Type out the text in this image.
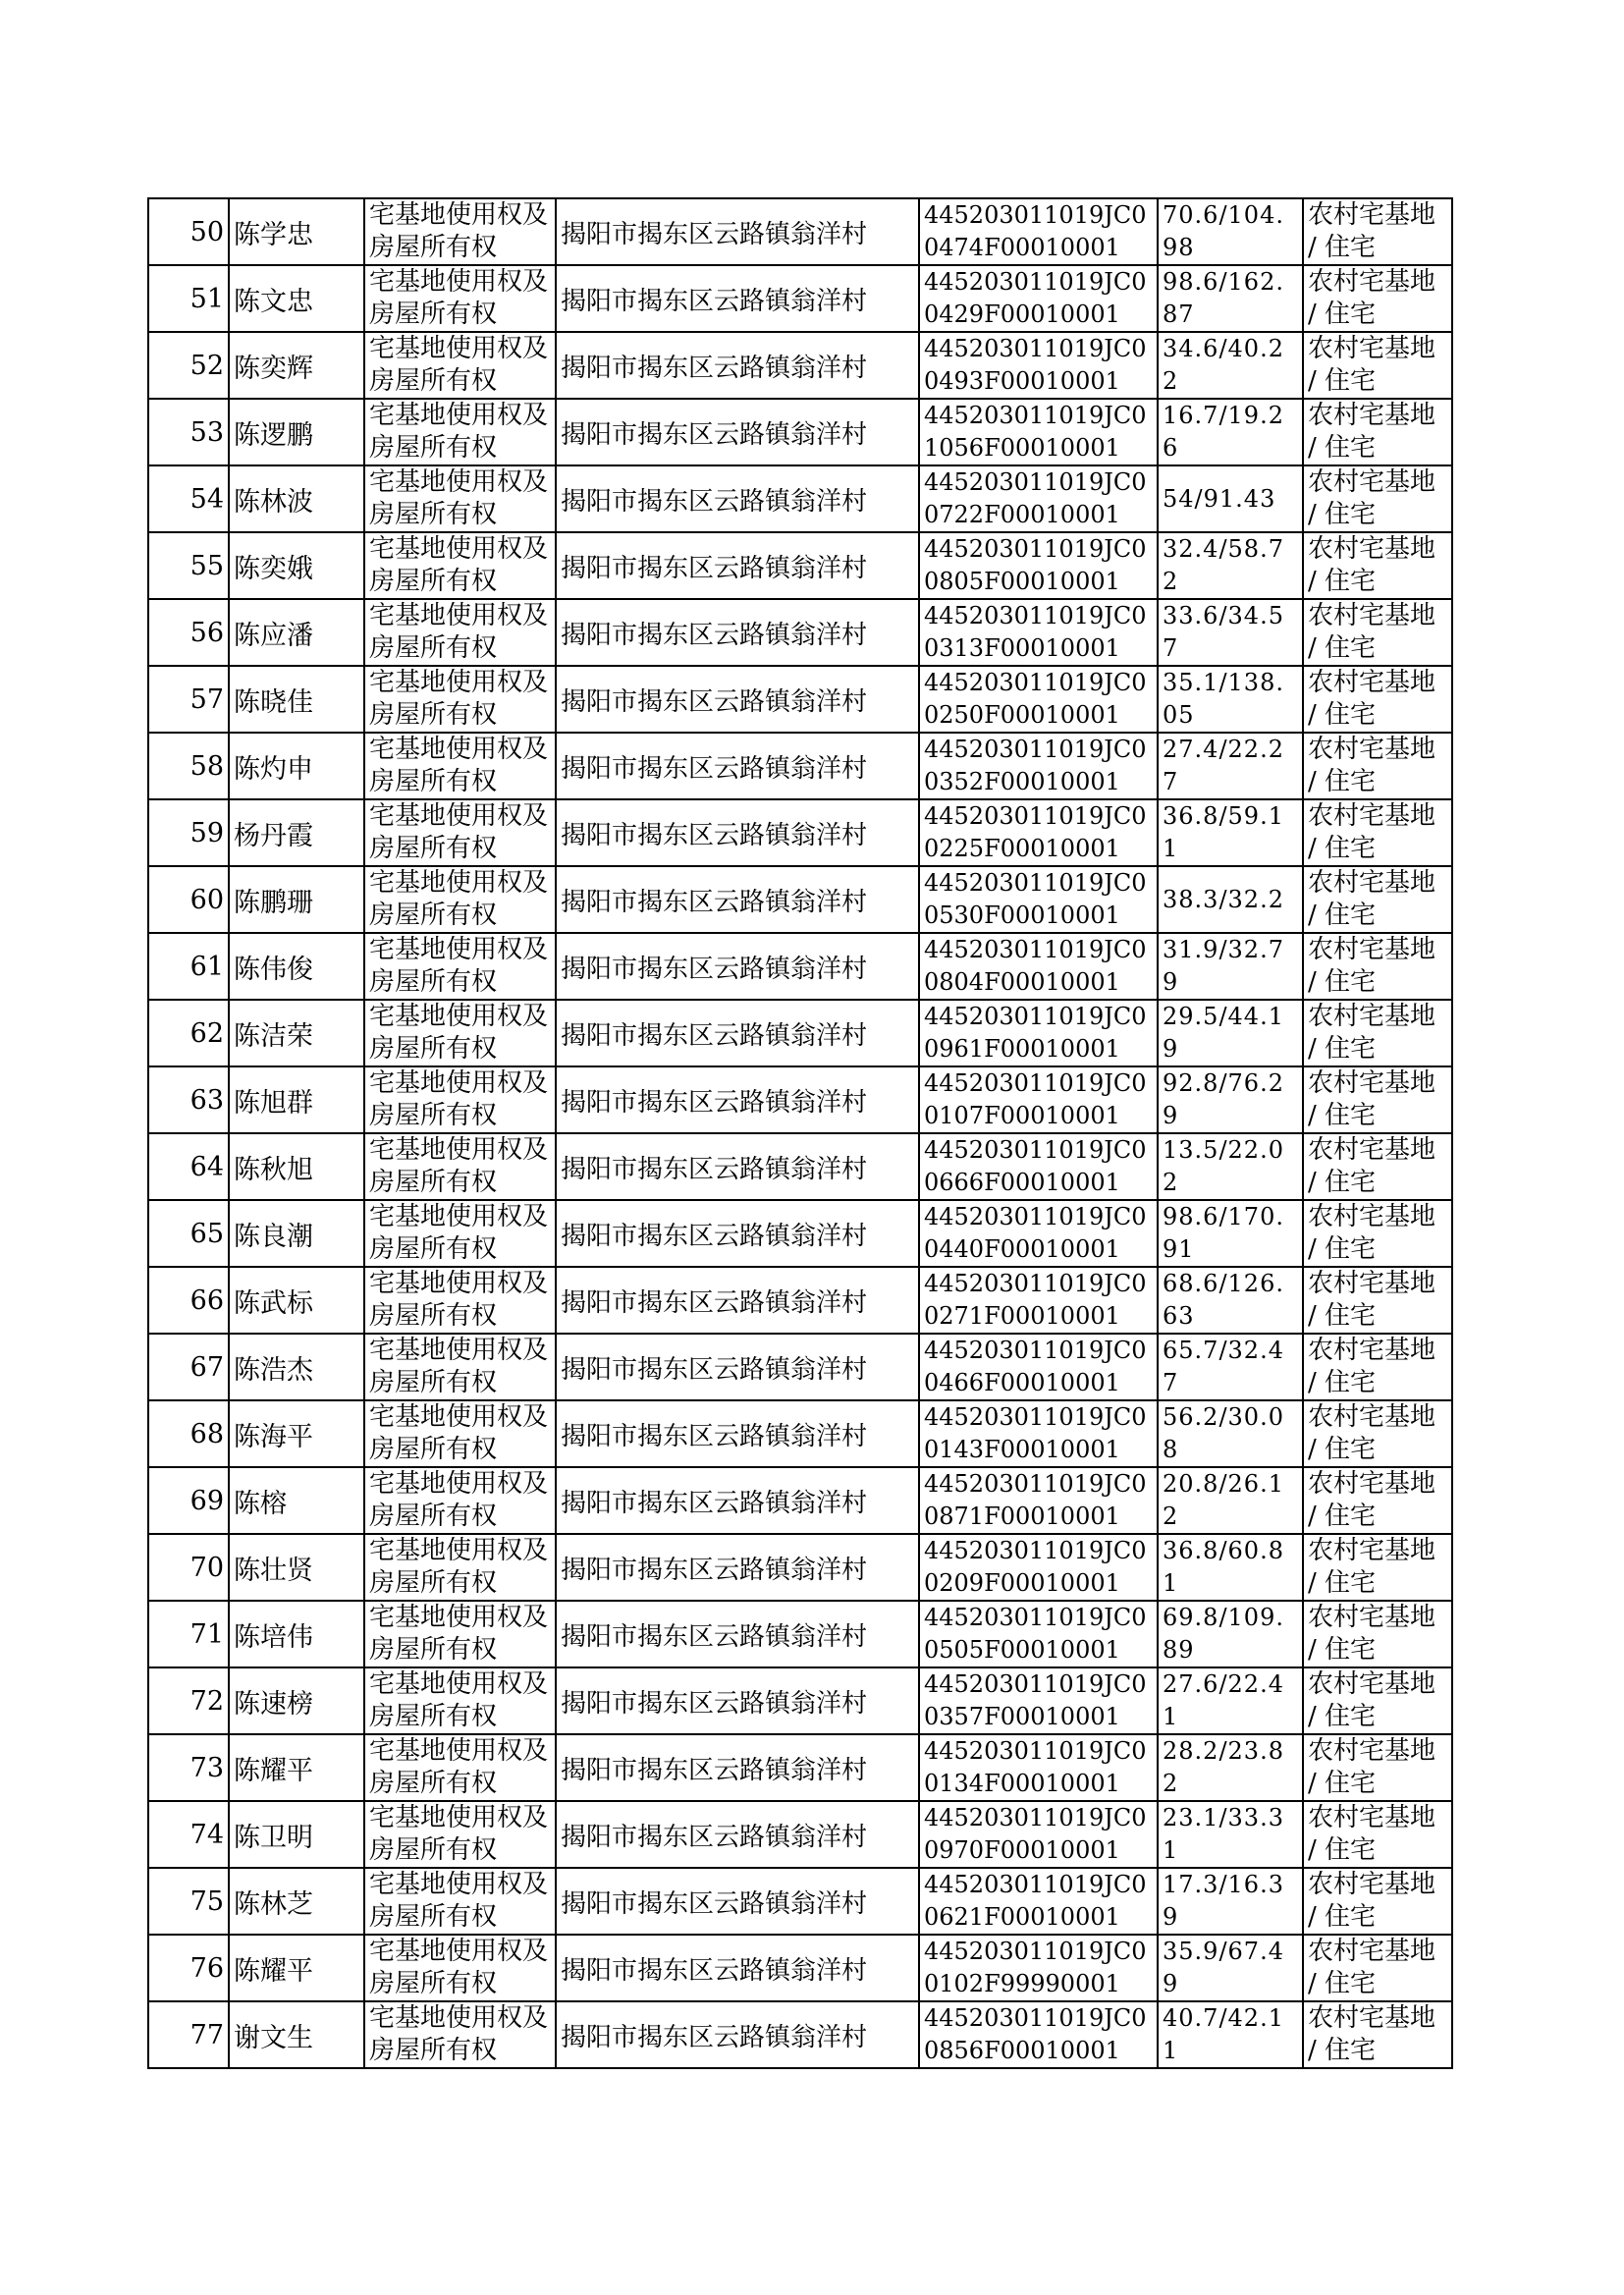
50	陈学忠	宅基地使用权及房屋所有权	揭阳市揭东区云路镇翁洋村	445203011019JC00474F00010001	70.6/104.98	农村宅基地 / 住宅
51	陈文忠	宅基地使用权及房屋所有权	揭阳市揭东区云路镇翁洋村	445203011019JC00429F00010001	98.6/162.87	农村宅基地 / 住宅
52	陈奕辉	宅基地使用权及房屋所有权	揭阳市揭东区云路镇翁洋村	445203011019JC00493F00010001	34.6/40.22	农村宅基地 / 住宅
53	陈逻鹏	宅基地使用权及房屋所有权	揭阳市揭东区云路镇翁洋村	445203011019JC01056F00010001	16.7/19.26	农村宅基地 / 住宅
54	陈林波	宅基地使用权及房屋所有权	揭阳市揭东区云路镇翁洋村	445203011019JC00722F00010001	54/91.43	农村宅基地 / 住宅
55	陈奕娥	宅基地使用权及房屋所有权	揭阳市揭东区云路镇翁洋村	445203011019JC00805F00010001	32.4/58.72	农村宅基地 / 住宅
56	陈应潘	宅基地使用权及房屋所有权	揭阳市揭东区云路镇翁洋村	445203011019JC00313F00010001	33.6/34.57	农村宅基地 / 住宅
57	陈晓佳	宅基地使用权及房屋所有权	揭阳市揭东区云路镇翁洋村	445203011019JC00250F00010001	35.1/138.05	农村宅基地 / 住宅
58	陈灼申	宅基地使用权及房屋所有权	揭阳市揭东区云路镇翁洋村	445203011019JC00352F00010001	27.4/22.27	农村宅基地 / 住宅
59	杨丹霞	宅基地使用权及房屋所有权	揭阳市揭东区云路镇翁洋村	445203011019JC00225F00010001	36.8/59.11	农村宅基地 / 住宅
60	陈鹏珊	宅基地使用权及房屋所有权	揭阳市揭东区云路镇翁洋村	445203011019JC00530F00010001	38.3/32.2	农村宅基地 / 住宅
61	陈伟俊	宅基地使用权及房屋所有权	揭阳市揭东区云路镇翁洋村	445203011019JC00804F00010001	31.9/32.79	农村宅基地 / 住宅
62	陈洁荣	宅基地使用权及房屋所有权	揭阳市揭东区云路镇翁洋村	445203011019JC00961F00010001	29.5/44.19	农村宅基地 / 住宅
63	陈旭群	宅基地使用权及房屋所有权	揭阳市揭东区云路镇翁洋村	445203011019JC00107F00010001	92.8/76.29	农村宅基地 / 住宅
64	陈秋旭	宅基地使用权及房屋所有权	揭阳市揭东区云路镇翁洋村	445203011019JC00666F00010001	13.5/22.02	农村宅基地 / 住宅
65	陈良潮	宅基地使用权及房屋所有权	揭阳市揭东区云路镇翁洋村	445203011019JC00440F00010001	98.6/170.91	农村宅基地 / 住宅
66	陈武标	宅基地使用权及房屋所有权	揭阳市揭东区云路镇翁洋村	445203011019JC00271F00010001	68.6/126.63	农村宅基地 / 住宅
67	陈浩杰	宅基地使用权及房屋所有权	揭阳市揭东区云路镇翁洋村	445203011019JC00466F00010001	65.7/32.47	农村宅基地 / 住宅
68	陈海平	宅基地使用权及房屋所有权	揭阳市揭东区云路镇翁洋村	445203011019JC00143F00010001	56.2/30.08	农村宅基地 / 住宅
69	陈榕	宅基地使用权及房屋所有权	揭阳市揭东区云路镇翁洋村	445203011019JC00871F00010001	20.8/26.12	农村宅基地 / 住宅
70	陈壮贤	宅基地使用权及房屋所有权	揭阳市揭东区云路镇翁洋村	445203011019JC00209F00010001	36.8/60.81	农村宅基地 / 住宅
71	陈培伟	宅基地使用权及房屋所有权	揭阳市揭东区云路镇翁洋村	445203011019JC00505F00010001	69.8/109.89	农村宅基地 / 住宅
72	陈速榜	宅基地使用权及房屋所有权	揭阳市揭东区云路镇翁洋村	445203011019JC00357F00010001	27.6/22.41	农村宅基地 / 住宅
73	陈耀平	宅基地使用权及房屋所有权	揭阳市揭东区云路镇翁洋村	445203011019JC00134F00010001	28.2/23.82	农村宅基地 / 住宅
74	陈卫明	宅基地使用权及房屋所有权	揭阳市揭东区云路镇翁洋村	445203011019JC00970F00010001	23.1/33.31	农村宅基地 / 住宅
75	陈林芝	宅基地使用权及房屋所有权	揭阳市揭东区云路镇翁洋村	445203011019JC00621F00010001	17.3/16.39	农村宅基地 / 住宅
76	陈耀平	宅基地使用权及房屋所有权	揭阳市揭东区云路镇翁洋村	445203011019JC00102F99990001	35.9/67.49	农村宅基地 / 住宅
77	谢文生	宅基地使用权及房屋所有权	揭阳市揭东区云路镇翁洋村	445203011019JC00856F00010001	40.7/42.11	农村宅基地 / 住宅
